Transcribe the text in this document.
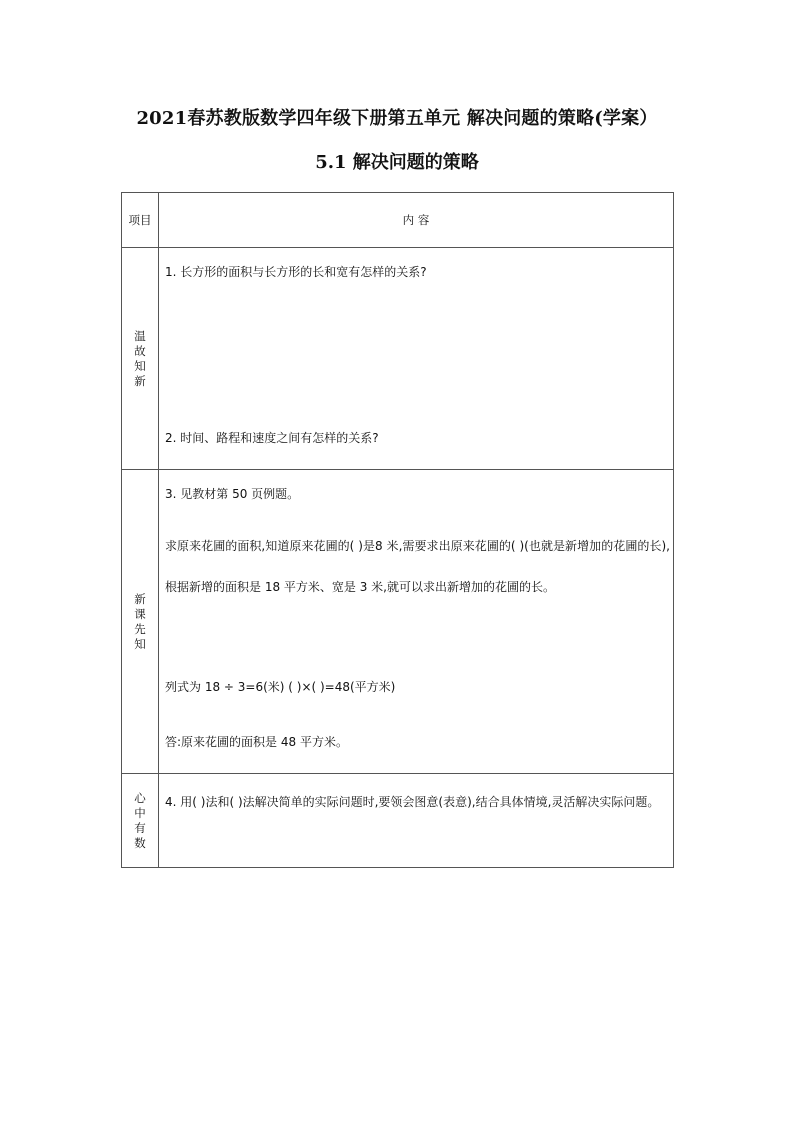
2021春苏教版数学四年级下册第五单元 解决问题的策略(学案）
5.1 解决问题的策略
项目	内 容
温故知新
1. 长方形的面积与长方形的长和宽有怎样的关系?
2. 时间、路程和速度之间有怎样的关系?
新课先知
3. 见教材第 50 页例题。
求原来花圃的面积,知道原来花圃的( )是8 米,需要求出原来花圃的( )(也就是新增加的花圃的长),根据新增的面积是 18 平方米、宽是 3 米,就可以求出新增加的花圃的长。
列式为 18 ÷ 3=6(米) ( )×( )=48(平方米)
答:原来花圃的面积是 48 平方米。
心中有数
4. 用( )法和( )法解决简单的实际问题时,要领会图意(表意),结合具体情境,灵活解决实际问题。
